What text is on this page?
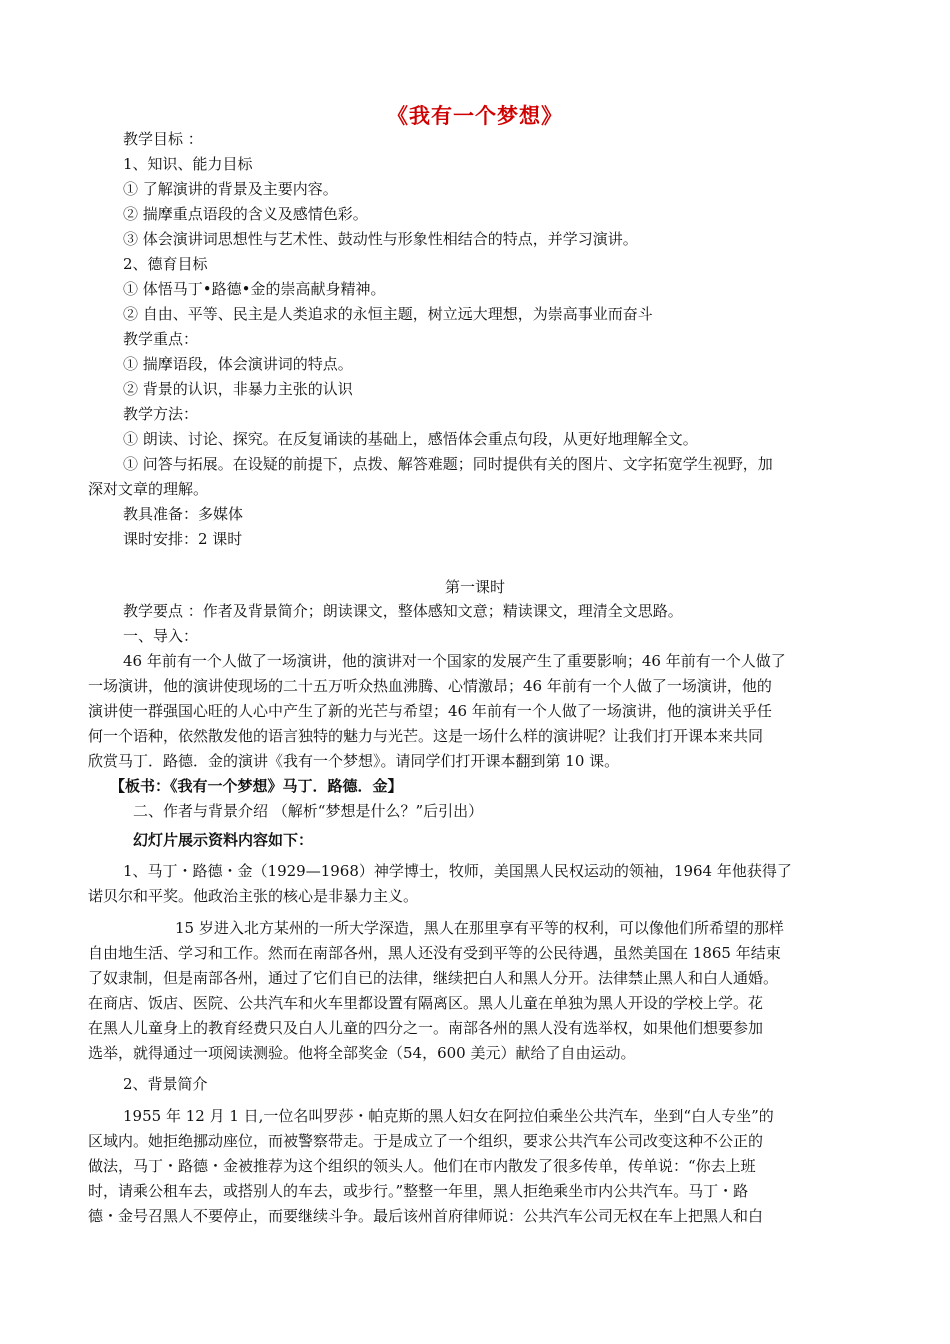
《我有一个梦想》
教学目标 ：
1、知识、能力目标
① 了解演讲的背景及主要内容。
② 揣摩重点语段的含义及感情色彩。
③ 体会演讲词思想性与艺术性、鼓动性与形象性相结合的特点，并学习演讲。
2、德育目标
① 体悟马丁•路德•金的崇高献身精神。
② 自由、平等、民主是人类追求的永恒主题，树立远大理想，为崇高事业而奋斗
教学重点：
① 揣摩语段，体会演讲词的特点。
② 背景的认识，非暴力主张的认识
教学方法：
① 朗读、讨论、探究。在反复诵读的基础上，感悟体会重点句段，从更好地理解全文。
① 问答与拓展。在设疑的前提下，点拨、解答难题；同时提供有关的图片、文字拓宽学生视野，加
深对文章的理解。
教具准备：多媒体
课时安排：2 课时
第一课时
教学要点 ：作者及背景简介；朗读课文，整体感知文意；精读课文，理清全文思路。
一、导入：
46 年前有一个人做了一场演讲，他的演讲对一个国家的发展产生了重要影响；46 年前有一个人做了
一场演讲，他的演讲使现场的二十五万听众热血沸腾、心情激昂；46 年前有一个人做了一场演讲，他的
演讲使一群强国心旺的人心中产生了新的光芒与希望；46 年前有一个人做了一场演讲，他的演讲关乎任
何一个语种，依然散发他的语言独特的魅力与光芒。这是一场什么样的演讲呢？让我们打开课本来共同
欣赏马丁．路德．金的演讲《我有一个梦想》。请同学们打开课本翻到第 10 课。
【板书：《我有一个梦想》马丁．路德．金】
二、作者与背景介绍 （解析“梦想是什么？”后引出）
幻灯片展示资料内容如下：
1、马丁・路德・金（1929—1968）神学博士，牧师，美国黑人民权运动的领袖，1964 年他获得了
诺贝尔和平奖。他政治主张的核心是非暴力主义。
15 岁进入北方某州的一所大学深造，黑人在那里享有平等的权利，可以像他们所希望的那样
自由地生活、学习和工作。然而在南部各州，黑人还没有受到平等的公民待遇，虽然美国在 1865 年结束
了奴隶制，但是南部各州，通过了它们自已的法律，继续把白人和黑人分开。法律禁止黑人和白人通婚。
在商店、饭店、医院、公共汽车和火车里都设置有隔离区。黑人儿童在单独为黑人开设的学校上学。花
在黑人儿童身上的教育经费只及白人儿童的四分之一。南部各州的黑人没有选举权，如果他们想要参加
选举，就得通过一项阅读测验。他将全部奖金（54，600 美元）献给了自由运动。
2、背景简介
1955 年 12 月 1 日,一位名叫罗莎・帕克斯的黑人妇女在阿拉伯乘坐公共汽车，坐到“白人专坐”的
区域内。她拒绝挪动座位，而被警察带走。于是成立了一个组织，要求公共汽车公司改变这种不公正的
做法，马丁・路德・金被推荐为这个组织的领头人。他们在市内散发了很多传单，传单说：“你去上班
时，请乘公租车去，或搭别人的车去，或步行。”整整一年里，黑人拒绝乘坐市内公共汽车。马丁・路
德・金号召黑人不要停止，而要继续斗争。最后该州首府律师说：公共汽车公司无权在车上把黑人和白
